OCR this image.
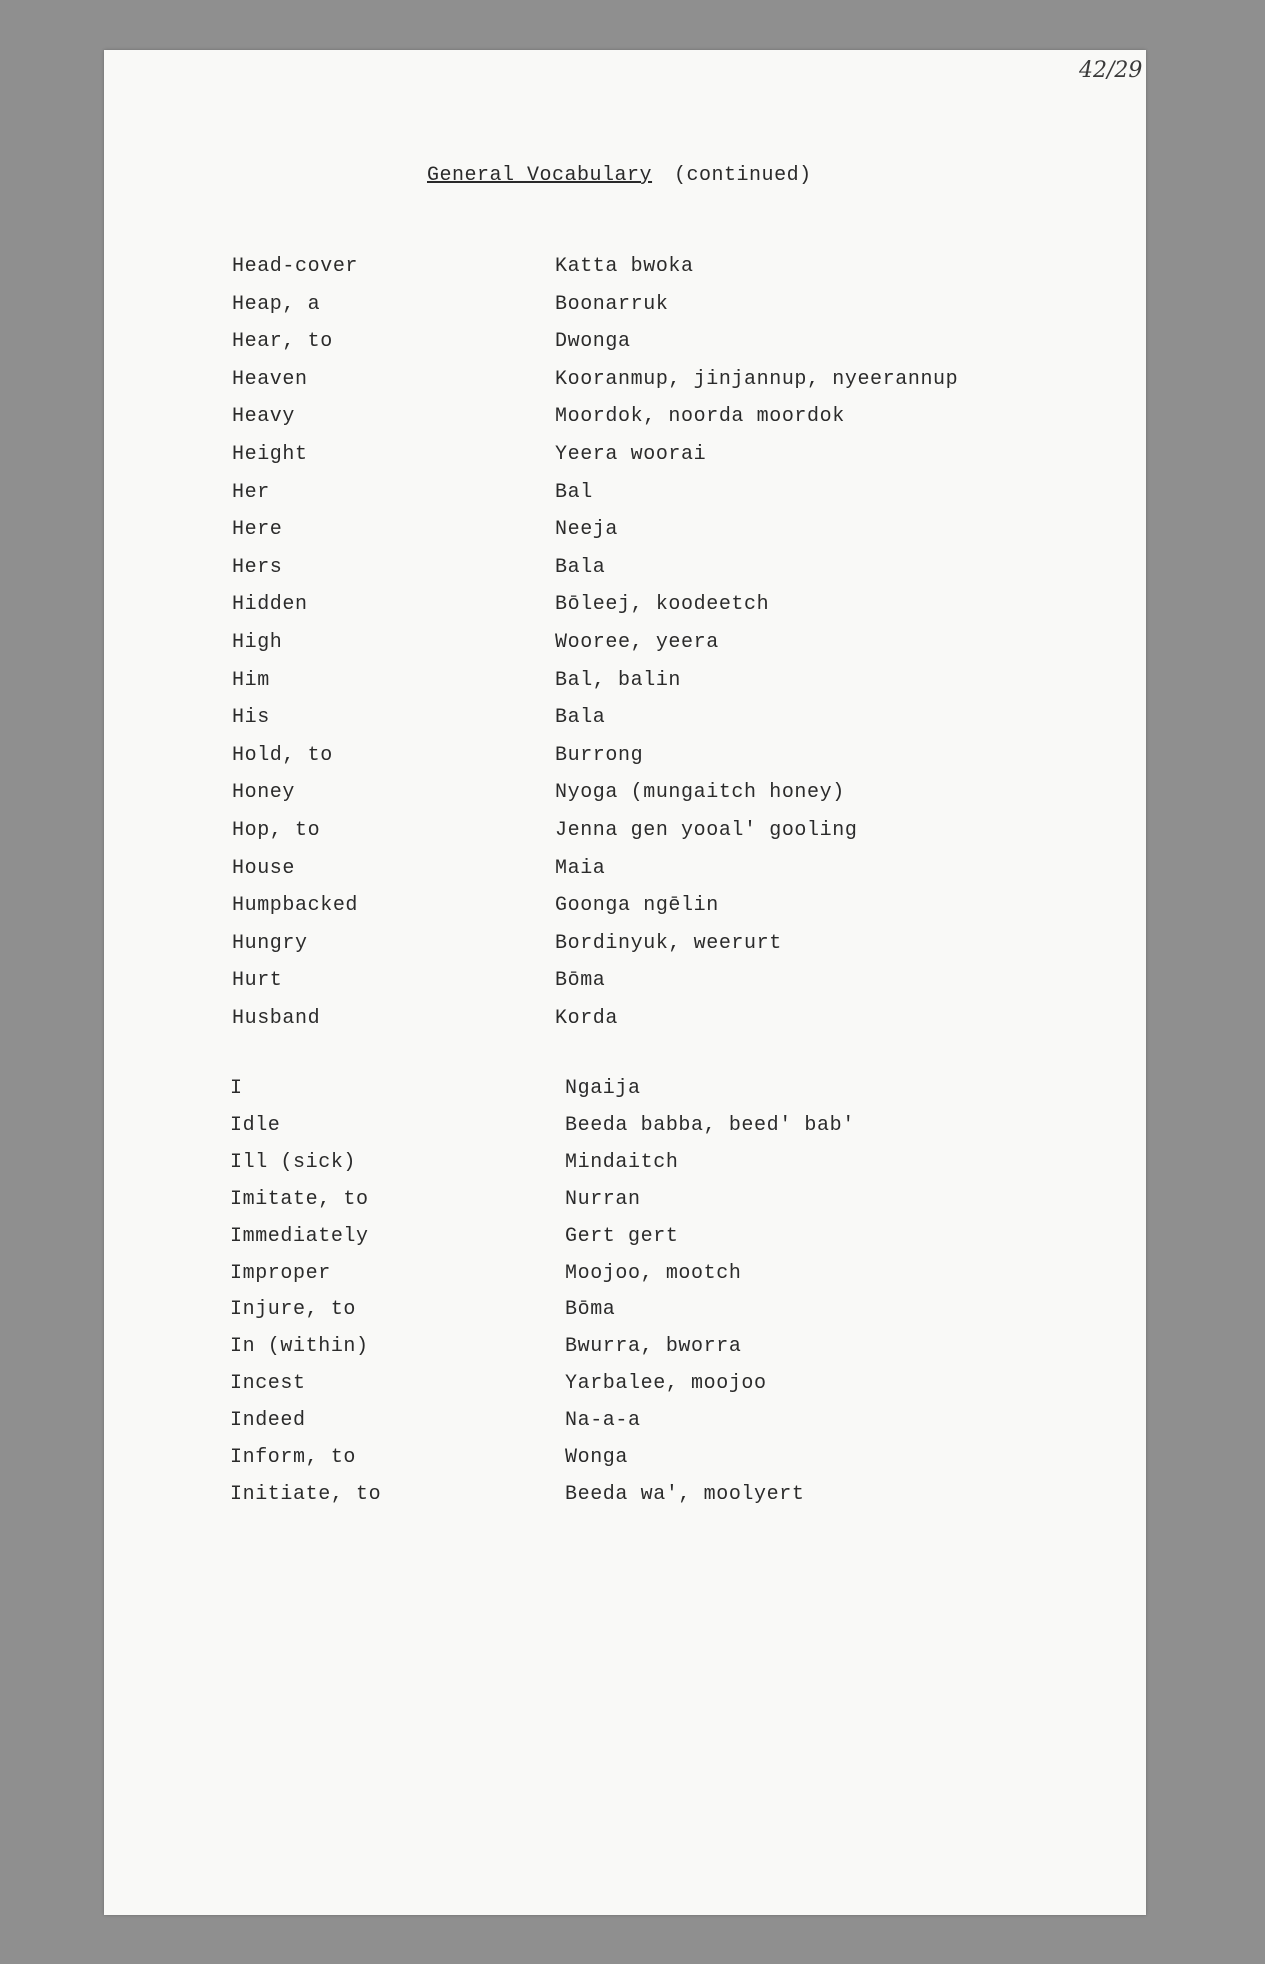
42/29
General Vocabulary (continued)
Head-cover	Katta bwoka
Heap, a	Boonarruk
Hear, to	Dwonga
Heaven	Kooranmup, jinjannup, nyeerannup
Heavy	Moordok, noorda moordok
Height	Yeera woorai
Her	Bal
Here	Neeja
Hers	Bala
Hidden	Bōleej, koodeetch
High	Wooree, yeera
Him	Bal, balin
His	Bala
Hold, to	Burrong
Honey	Nyoga (mungaitch honey)
Hop, to	Jenna gen yooal' gooling
House	Maia
Humpbacked	Goonga ngēlin
Hungry	Bordinyuk, weerurt
Hurt	Bōma
Husband	Korda
I	Ngaija
Idle	Beeda babba, beed' bab'
Ill (sick)	Mindaitch
Imitate, to	Nurran
Immediately	Gert gert
Improper	Moojoo, mootch
Injure, to	Bōma
In (within)	Bwurra, bworra
Incest	Yarbalee, moojoo
Indeed	Na-a-a
Inform, to	Wonga
Initiate, to	Beeda wa', moolyert
